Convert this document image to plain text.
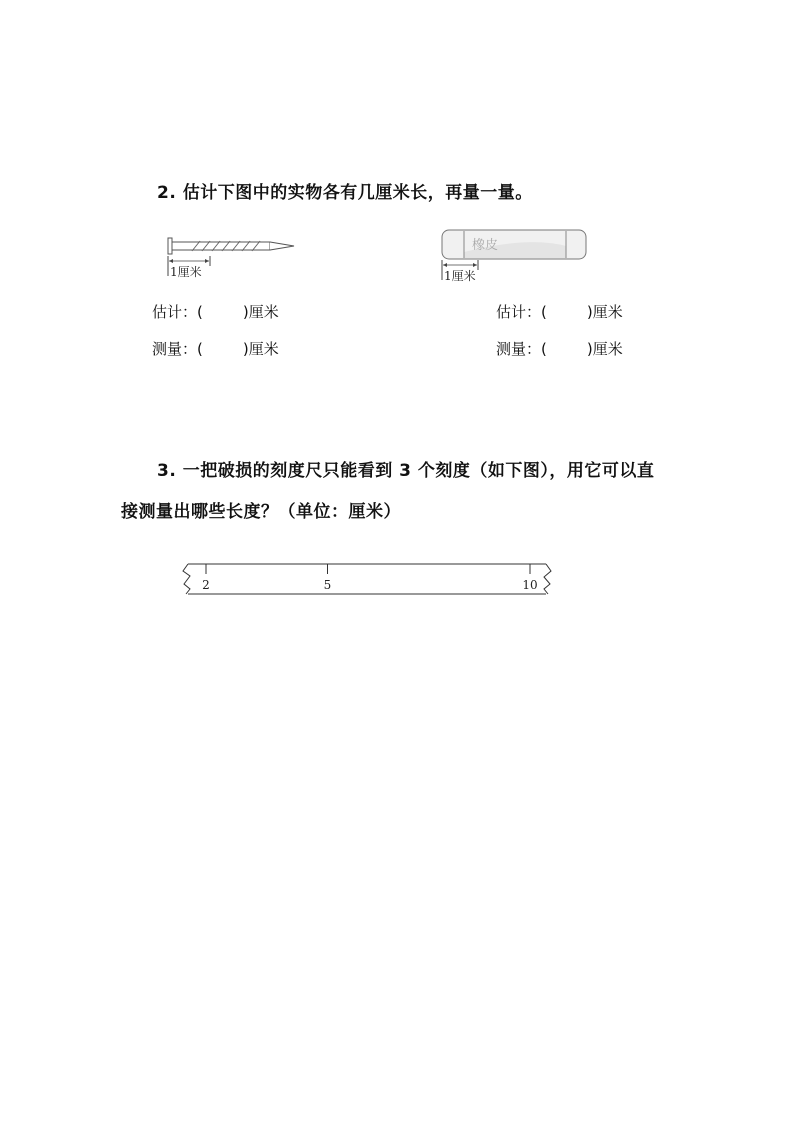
2. 估计下图中的实物各有几厘米长，再量一量。
1厘米
橡皮
1厘米
估计：(	)厘米
测量：(	)厘米
估计：(	)厘米
测量：(	)厘米
3. 一把破损的刻度尺只能看到 3 个刻度（如下图），用它可以直
接测量出哪些长度？（单位：厘米）
2	5	10
